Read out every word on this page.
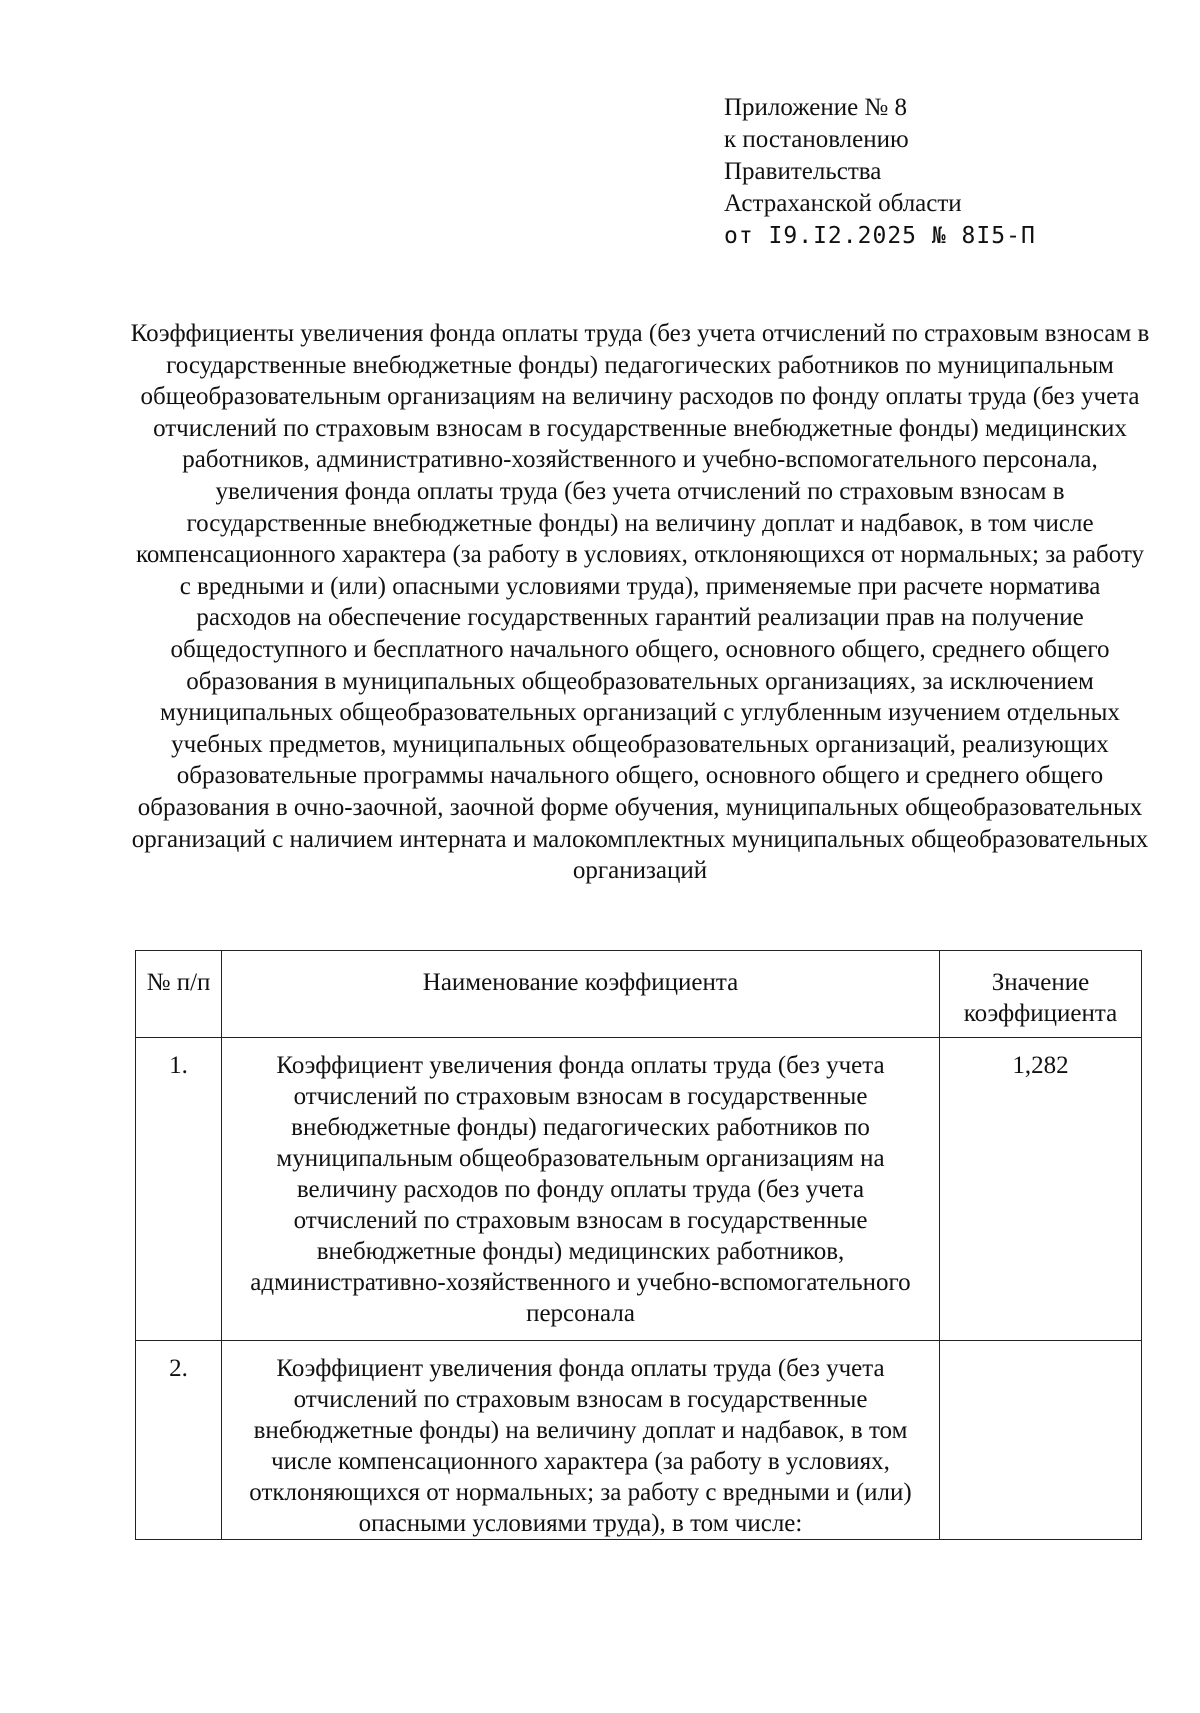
Приложение № 8
к постановлению
Правительства
Астраханской области
от I9.I2.2025 № 8I5-П
Коэффициенты увеличения фонда оплаты труда (без учета отчислений по страховым взносам в государственные внебюджетные фонды) педагогических работников по муниципальным общеобразовательным организациям на величину расходов по фонду оплаты труда (без учета отчислений по страховым взносам в государственные внебюджетные фонды) медицинских работников, административно-хозяйственного и учебно-вспомогательного персонала, увеличения фонда оплаты труда (без учета отчислений по страховым взносам в государственные внебюджетные фонды) на величину доплат и надбавок, в том числе компенсационного характера (за работу в условиях, отклоняющихся от нормальных; за работу с вредными и (или) опасными условиями труда), применяемые при расчете норматива расходов на обеспечение государственных гарантий реализации прав на получение общедоступного и бесплатного начального общего, основного общего, среднего общего образования в муниципальных общеобразовательных организациях, за исключением муниципальных общеобразовательных организаций с углубленным изучением отдельных учебных предметов, муниципальных общеобразовательных организаций, реализующих образовательные программы начального общего, основного общего и среднего общего образования в очно-заочной, заочной форме обучения, муниципальных общеобразовательных организаций с наличием интерната и малокомплектных муниципальных общеобразовательных организаций
№ п/п	Наименование коэффициента	Значение коэффициента

1.	Коэффициент увеличения фонда оплаты труда (без учета отчислений по страховым взносам в государственные внебюджетные фонды) педагогических работников по муниципальным общеобразовательным организациям на величину расходов по фонду оплаты труда (без учета отчислений по страховым взносам в государственные внебюджетные фонды) медицинских работников, административно-хозяйственного и учебно-вспомогательного персонала	1,282

2.	Коэффициент увеличения фонда оплаты труда (без учета отчислений по страховым взносам в государственные внебюджетные фонды) на величину доплат и надбавок, в том числе компенсационного характера (за работу в условиях, отклоняющихся от нормальных; за работу с вредными и (или) опасными условиями труда), в том числе:	
